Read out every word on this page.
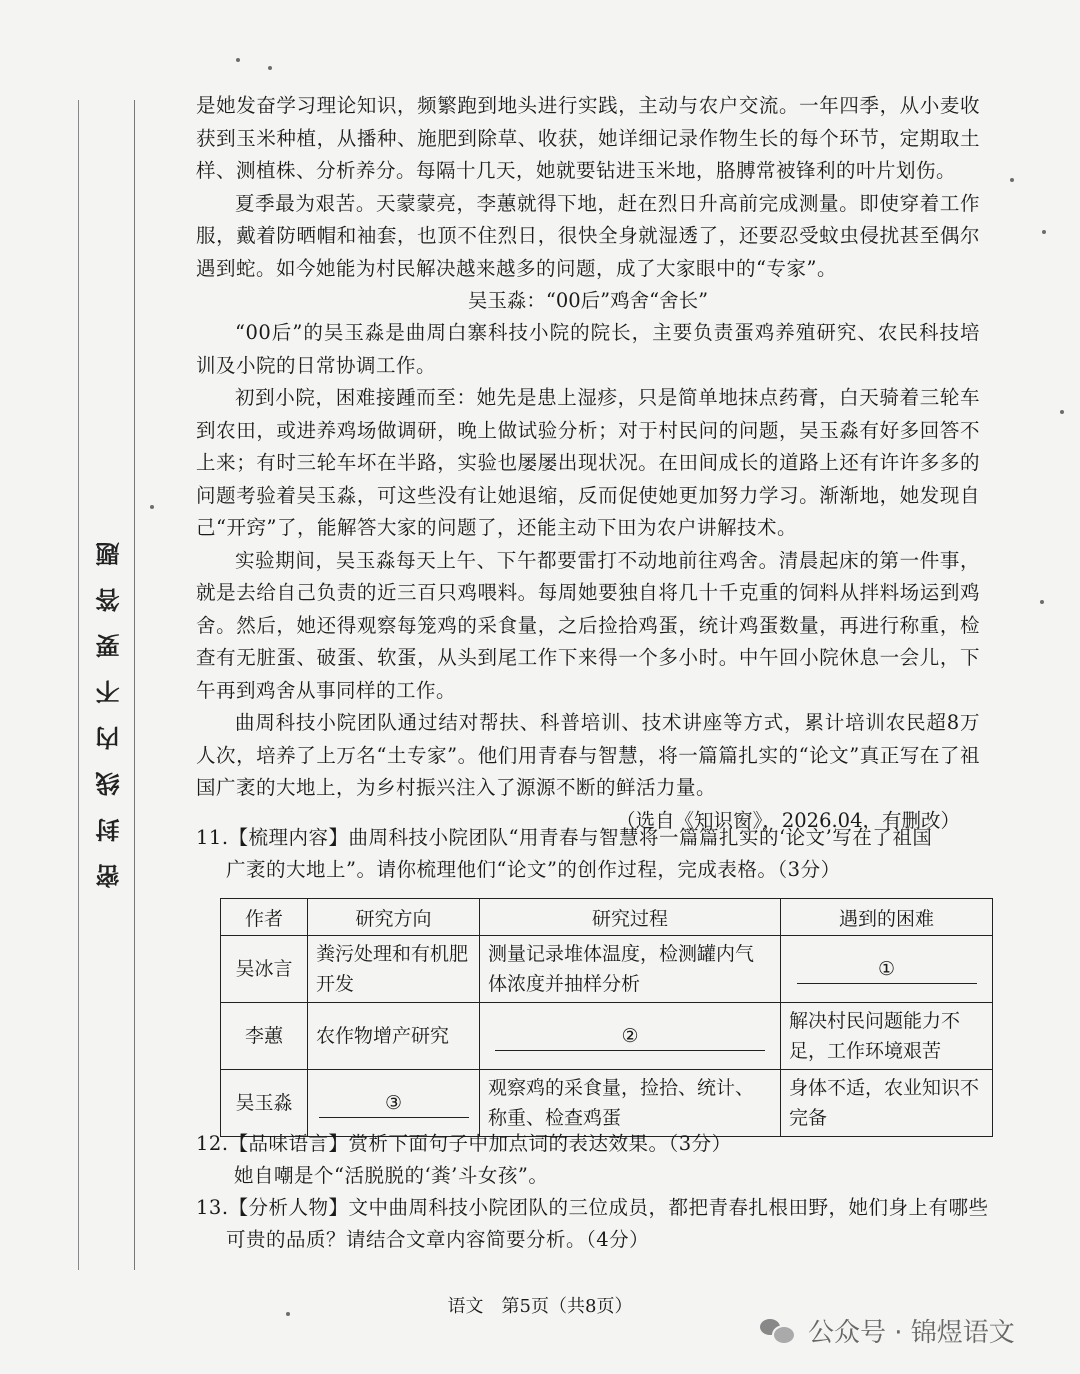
密封线内不要答题

是她发奋学习理论知识，频繁跑到地头进行实践，主动与农户交流。一年四季，从小麦收获到玉米种植，从播种、施肥到除草、收获，她详细记录作物生长的每个环节，定期取土样、测植株、分析养分。每隔十几天，她就要钻进玉米地，胳膊常被锋利的叶片划伤。

夏季最为艰苦。天蒙蒙亮，李蕙就得下地，赶在烈日升高前完成测量。即使穿着工作服，戴着防晒帽和袖套，也顶不住烈日，很快全身就湿透了，还要忍受蚊虫侵扰甚至偶尔遇到蛇。如今她能为村民解决越来越多的问题，成了大家眼中的“专家”。

吴玉淼：“00后”鸡舍“舍长”

“00后”的吴玉淼是曲周白寨科技小院的院长，主要负责蛋鸡养殖研究、农民科技培训及小院的日常协调工作。

初到小院，困难接踵而至：她先是患上湿疹，只是简单地抹点药膏，白天骑着三轮车到农田，或进养鸡场做调研，晚上做试验分析；对于村民问的问题，吴玉淼有好多回答不上来；有时三轮车坏在半路，实验也屡屡出现状况。在田间成长的道路上还有许许多多的问题考验着吴玉淼，可这些没有让她退缩，反而促使她更加努力学习。渐渐地，她发现自己“开窍”了，能解答大家的问题了，还能主动下田为农户讲解技术。

实验期间，吴玉淼每天上午、下午都要雷打不动地前往鸡舍。清晨起床的第一件事，就是去给自己负责的近三百只鸡喂料。每周她要独自将几十千克重的饲料从拌料场运到鸡舍。然后，她还得观察每笼鸡的采食量，之后捡拾鸡蛋，统计鸡蛋数量，再进行称重，检查有无脏蛋、破蛋、软蛋，从头到尾工作下来得一个多小时。中午回小院休息一会儿，下午再到鸡舍从事同样的工作。

曲周科技小院团队通过结对帮扶、科普培训、技术讲座等方式，累计培训农民超8万人次，培养了上万名“土专家”。他们用青春与智慧，将一篇篇扎实的“论文”真正写在了祖国广袤的大地上，为乡村振兴注入了源源不断的鲜活力量。

（选自《知识窗》，2026.04，有删改）

11.【梳理内容】曲周科技小院团队“用青春与智慧将一篇篇扎实的‘论文’写在了祖国

广袤的大地上”。请你梳理他们“论文”的创作过程，完成表格。（3分）

作者	研究方向	研究过程	遇到的困难
吴冰言	粪污处理和有机肥开发	测量记录堆体温度，检测罐内气体浓度并抽样分析	①

李蕙	农作物增产研究	②	解决村民问题能力不足，工作环境艰苦
吴玉淼	③	观察鸡的采食量，捡拾、统计、称重、检查鸡蛋	身体不适，农业知识不完备

12.【品味语言】赏析下面句子中加点词的表达效果。（3分）

她自嘲是个“活脱脱的‘粪’斗女孩”。

13.【分析人物】文中曲周科技小院团队的三位成员，都把青春扎根田野，她们身上有哪些

可贵的品质？请结合文章内容简要分析。（4分）

语文　第5页（共8页）
公众号 · 锦煜语文
